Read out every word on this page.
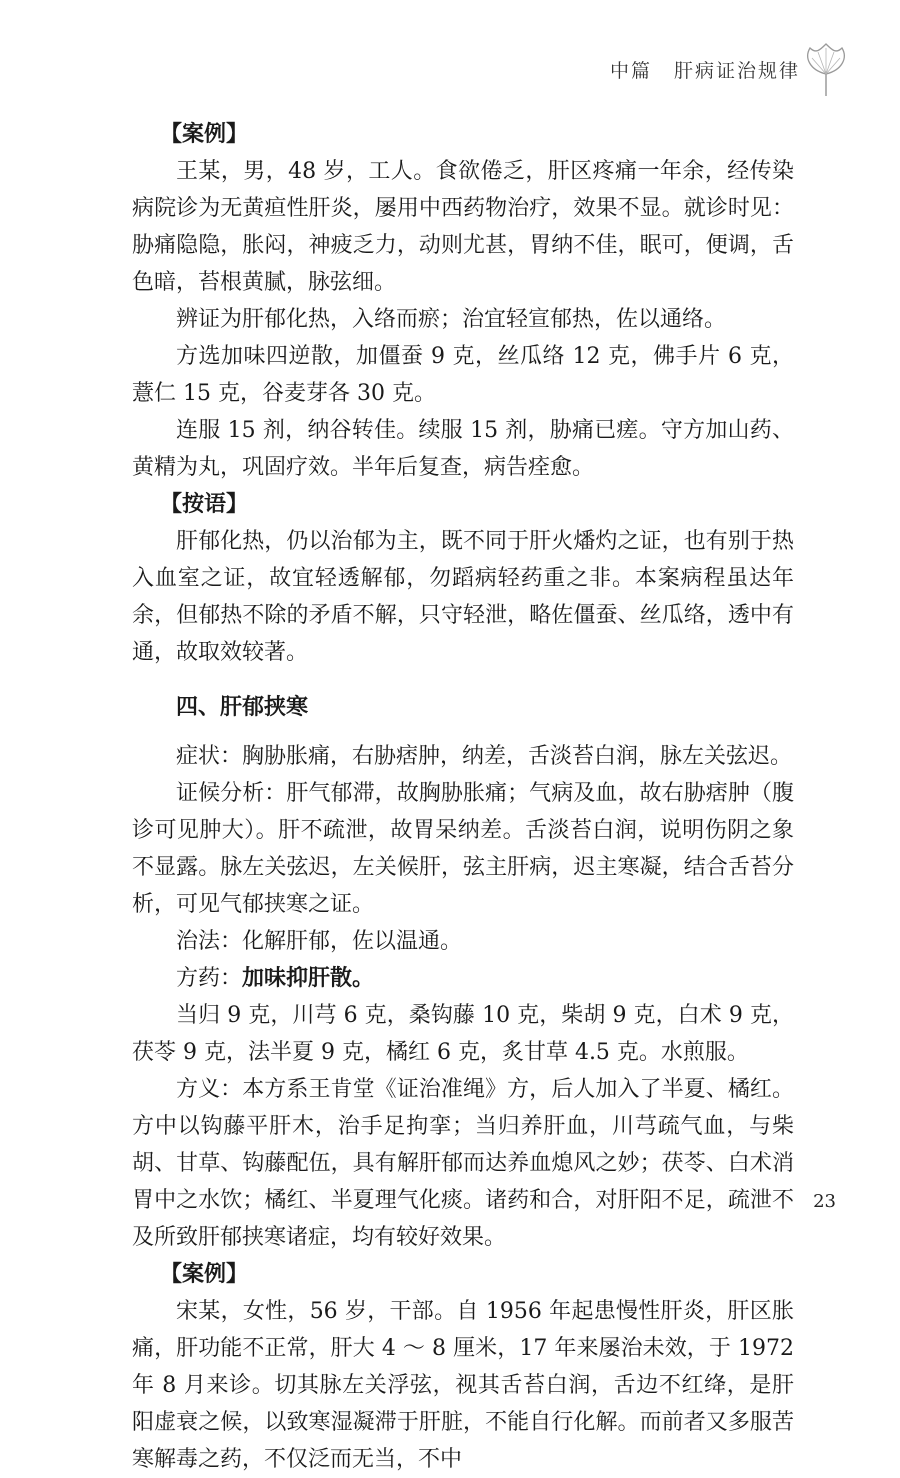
中篇 肝病证治规律

【案例】

王某，男，48 岁，工人。食欲倦乏，肝区疼痛一年余，经传染病院诊为无黄疸性肝炎，屡用中西药物治疗，效果不显。就诊时见：胁痛隐隐，胀闷，神疲乏力，动则尤甚，胃纳不佳，眠可，便调，舌色暗，苔根黄腻，脉弦细。

辨证为肝郁化热，入络而瘀；治宜轻宣郁热，佐以通络。

方选加味四逆散，加僵蚕 9 克，丝瓜络 12 克，佛手片 6 克，薏仁 15 克，谷麦芽各 30 克。

连服 15 剂，纳谷转佳。续服 15 剂，胁痛已瘥。守方加山药、黄精为丸，巩固疗效。半年后复查，病告痊愈。

【按语】

肝郁化热，仍以治郁为主，既不同于肝火燔灼之证，也有别于热入血室之证，故宜轻透解郁，勿蹈病轻药重之非。本案病程虽达年余，但郁热不除的矛盾不解，只守轻泄，略佐僵蚕、丝瓜络，透中有通，故取效较著。

四、肝郁挟寒

症状：胸胁胀痛，右胁痞肿，纳差，舌淡苔白润，脉左关弦迟。

证候分析：肝气郁滞，故胸胁胀痛；气病及血，故右胁痞肿（腹诊可见肿大）。肝不疏泄，故胃呆纳差。舌淡苔白润，说明伤阴之象不显露。脉左关弦迟，左关候肝，弦主肝病，迟主寒凝，结合舌苔分析，可见气郁挟寒之证。

治法：化解肝郁，佐以温通。

方药：加味抑肝散。

当归 9 克，川芎 6 克，桑钩藤 10 克，柴胡 9 克，白术 9 克，茯苓 9 克，法半夏 9 克，橘红 6 克，炙甘草 4.5 克。水煎服。

方义：本方系王肯堂《证治准绳》方，后人加入了半夏、橘红。方中以钩藤平肝木，治手足拘挛；当归养肝血，川芎疏气血，与柴胡、甘草、钩藤配伍，具有解肝郁而达养血熄风之妙；茯苓、白术消胃中之水饮；橘红、半夏理气化痰。诸药和合，对肝阳不足，疏泄不及所致肝郁挟寒诸症，均有较好效果。

【案例】

宋某，女性，56 岁，干部。自 1956 年起患慢性肝炎，肝区胀痛，肝功能不正常，肝大 4 ～ 8 厘米，17 年来屡治未效，于 1972 年 8 月来诊。切其脉左关浮弦，视其舌苔白润，舌边不红绛，是肝阳虚衰之候，以致寒湿凝滞于肝脏，不能自行化解。而前者又多服苦寒解毒之药，不仅泛而无当，不中

23
